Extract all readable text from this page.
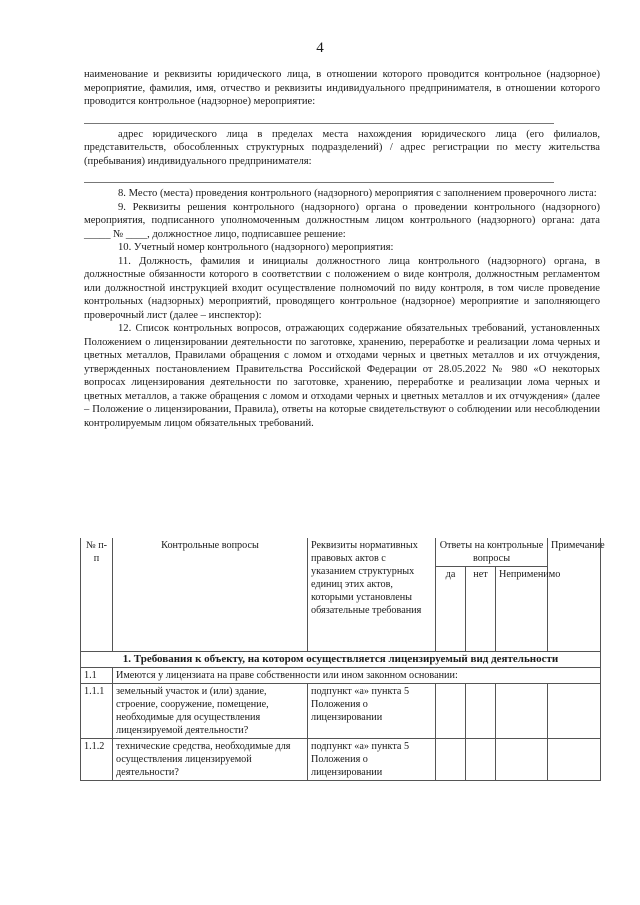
4

наименование и реквизиты юридического лица, в отношении которого проводится контрольное (надзорное) мероприятие, фамилия, имя, отчество и реквизиты индивидуального предпринимателя, в отношении которого проводится контрольное (надзорное) мероприятие:

адрес юридического лица в пределах места нахождения юридического лица (его филиалов, представительств, обособленных структурных подразделений) / адрес регистрации по месту жительства (пребывания) индивидуального предпринимателя:

8. Место (места) проведения контрольного (надзорного) мероприятия с заполнением проверочного листа:

9. Реквизиты решения контрольного (надзорного) органа о проведении контрольного (надзорного) мероприятия, подписанного уполномоченным должностным лицом контрольного (надзорного) органа: дата _____ № ____, должностное лицо, подписавшее решение:

10. Учетный номер контрольного (надзорного) мероприятия:

11. Должность, фамилия и инициалы должностного лица контрольного (надзорного) органа, в должностные обязанности которого в соответствии с положением о виде контроля, должностным регламентом или должностной инструкцией входит осуществление полномочий по виду контроля, в том числе проведение контрольных (надзорных) мероприятий, проводящего контрольное (надзорное) мероприятие и заполняющего проверочный лист (далее – инспектор):

12. Список контрольных вопросов, отражающих содержание обязательных требований, установленных Положением о лицензировании деятельности по заготовке, хранению, переработке и реализации лома черных и цветных металлов, Правилами обращения с ломом и отходами черных и цветных металлов и их отчуждения, утвержденных постановлением Правительства Российской Федерации от 28.05.2022 № 980 «О некоторых вопросах лицензирования деятельности по заготовке, хранению, переработке и реализации лома черных и цветных металлов, а также обращения с ломом и отходами черных и цветных металлов и их отчуждения» (далее – Положение о лицензировании, Правила), ответы на которые свидетельствуют о соблюдении или несоблюдении контролируемым лицом обязательных требований.

№ п-п	Контрольные вопросы	Реквизиты нормативных правовых актов с указанием структурных единиц этих актов, которыми установлены обязательные требования	Ответы на контрольные вопросы			Примечание
			да	нет	Неприменимо	
1. Требования к объекту, на котором осуществляется лицензируемый вид деятельности						
1.1	Имеются у лицензиата на праве собственности или ином законном основании:					
1.1.1	земельный участок и (или) здание, строение, сооружение, помещение, необходимые для осуществления лицензируемой деятельности?	подпункт «а» пункта 5 Положения о лицензировании				
1.1.2	технические средства, необходимые для осуществления лицензируемой деятельности?	подпункт «а» пункта 5 Положения о лицензировании				
